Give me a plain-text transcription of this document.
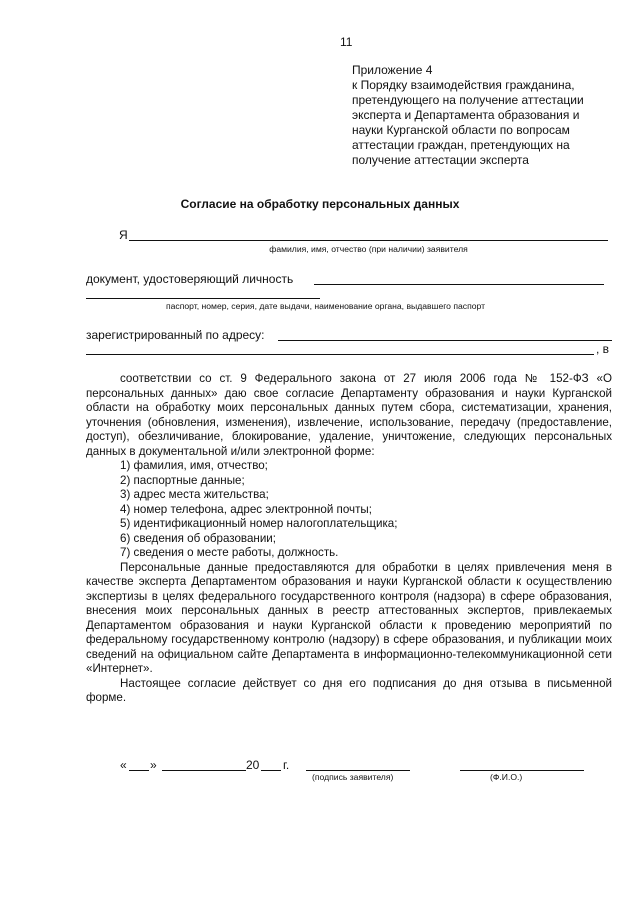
11
Приложение 4
к Порядку взаимодействия гражданина,
претендующего на получение аттестации
эксперта и Департамента образования и
науки Курганской области по вопросам
аттестации граждан, претендующих на
получение аттестации эксперта
Согласие на обработку персональных данных
Я
фамилия, имя, отчество (при наличии) заявителя
документ, удостоверяющий личность
паспорт, номер, серия, дате выдачи, наименование органа, выдавшего паспорт
зарегистрированный по адресу:
, в

соответствии со ст. 9 Федерального закона от 27 июля 2006 года № 152-ФЗ «О персональных данных» даю свое согласие Департаменту образования и науки Курганской области на обработку моих персональных данных путем сбора, систематизации, хранения, уточнения (обновления, изменения), извлечение, использование, передачу (предоставление, доступ), обезличивание, блокирование, удаление, уничтожение, следующих персональных данных в документальной и/или электронной форме:

1) фамилия, имя, отчество;

2) паспортные данные;

3) адрес места жительства;

4) номер телефона, адрес электронной почты;

5) идентификационный номер налогоплательщика;

6) сведения об образовании;

7) сведения о месте работы, должность.

Персональные данные предоставляются для обработки в целях привлечения меня в качестве эксперта Департаментом образования и науки Курганской области к осуществлению экспертизы в целях федерального государственного контроля (надзора) в сфере образования, внесения моих персональных данных в реестр аттестованных экспертов, привлекаемых Департаментом образования и науки Курганской области к проведению мероприятий по федеральному государственному контролю (надзору) в сфере образования, и публикации моих сведений на официальном сайте Департамента в информационно-телекоммуникационной сети «Интернет».

Настоящее согласие действует со дня его подписания до дня отзыва в письменной форме.

« »	20 г.
(подпись заявителя)	(Ф.И.О.)
